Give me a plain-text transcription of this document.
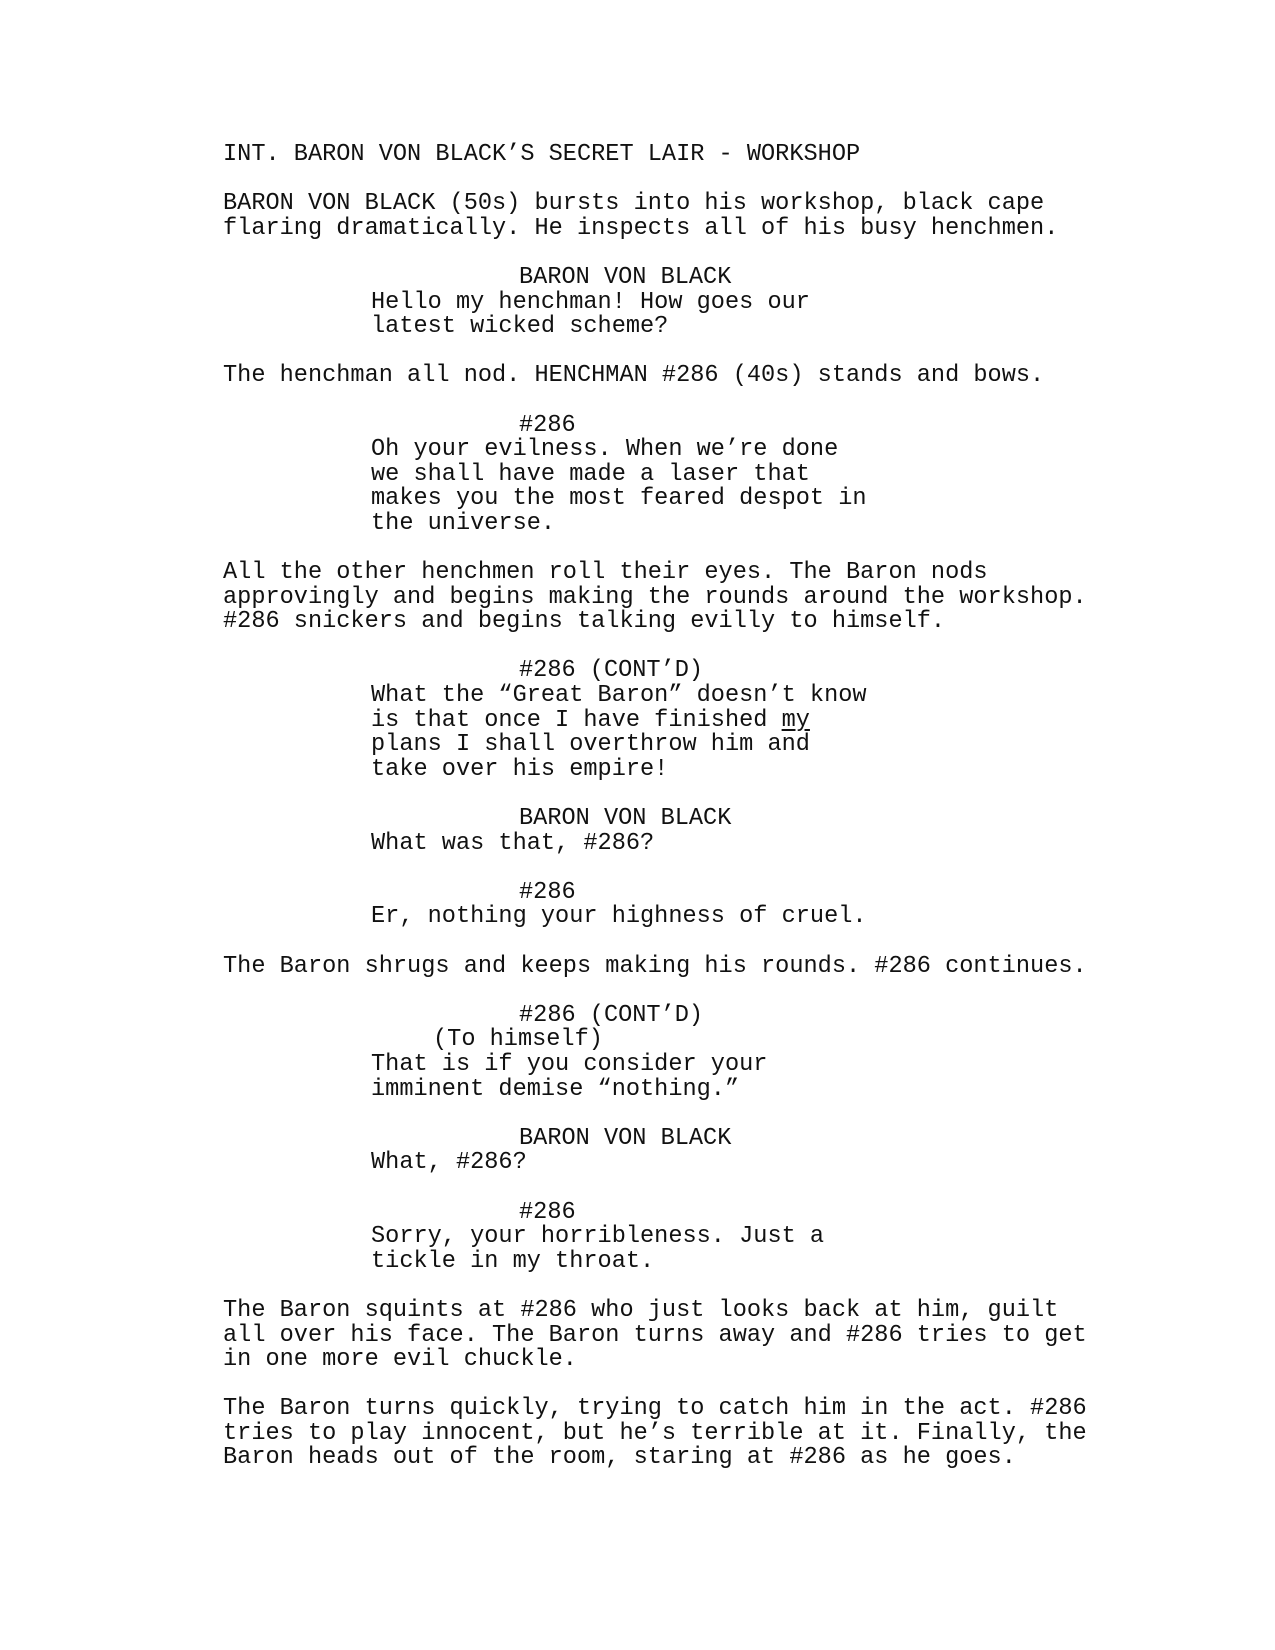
INT. BARON VON BLACK’S SECRET LAIR - WORKSHOP
BARON VON BLACK (50s) bursts into his workshop, black cape
flaring dramatically. He inspects all of his busy henchmen.
BARON VON BLACK
Hello my henchman! How goes our
latest wicked scheme?
The henchman all nod. HENCHMAN #286 (40s) stands and bows.
#286
Oh your evilness. When we’re done
we shall have made a laser that
makes you the most feared despot in
the universe.
All the other henchmen roll their eyes. The Baron nods
approvingly and begins making the rounds around the workshop.
#286 snickers and begins talking evilly to himself.
#286 (CONT’D)
What the “Great Baron” doesn’t know
is that once I have finished my
plans I shall overthrow him and
take over his empire!
BARON VON BLACK
What was that, #286?
#286
Er, nothing your highness of cruel.
The Baron shrugs and keeps making his rounds. #286 continues.
#286 (CONT’D)
(To himself)
That is if you consider your
imminent demise “nothing.”
BARON VON BLACK
What, #286?
#286
Sorry, your horribleness. Just a
tickle in my throat.
The Baron squints at #286 who just looks back at him, guilt
all over his face. The Baron turns away and #286 tries to get
in one more evil chuckle.
The Baron turns quickly, trying to catch him in the act. #286
tries to play innocent, but he’s terrible at it. Finally, the
Baron heads out of the room, staring at #286 as he goes.
